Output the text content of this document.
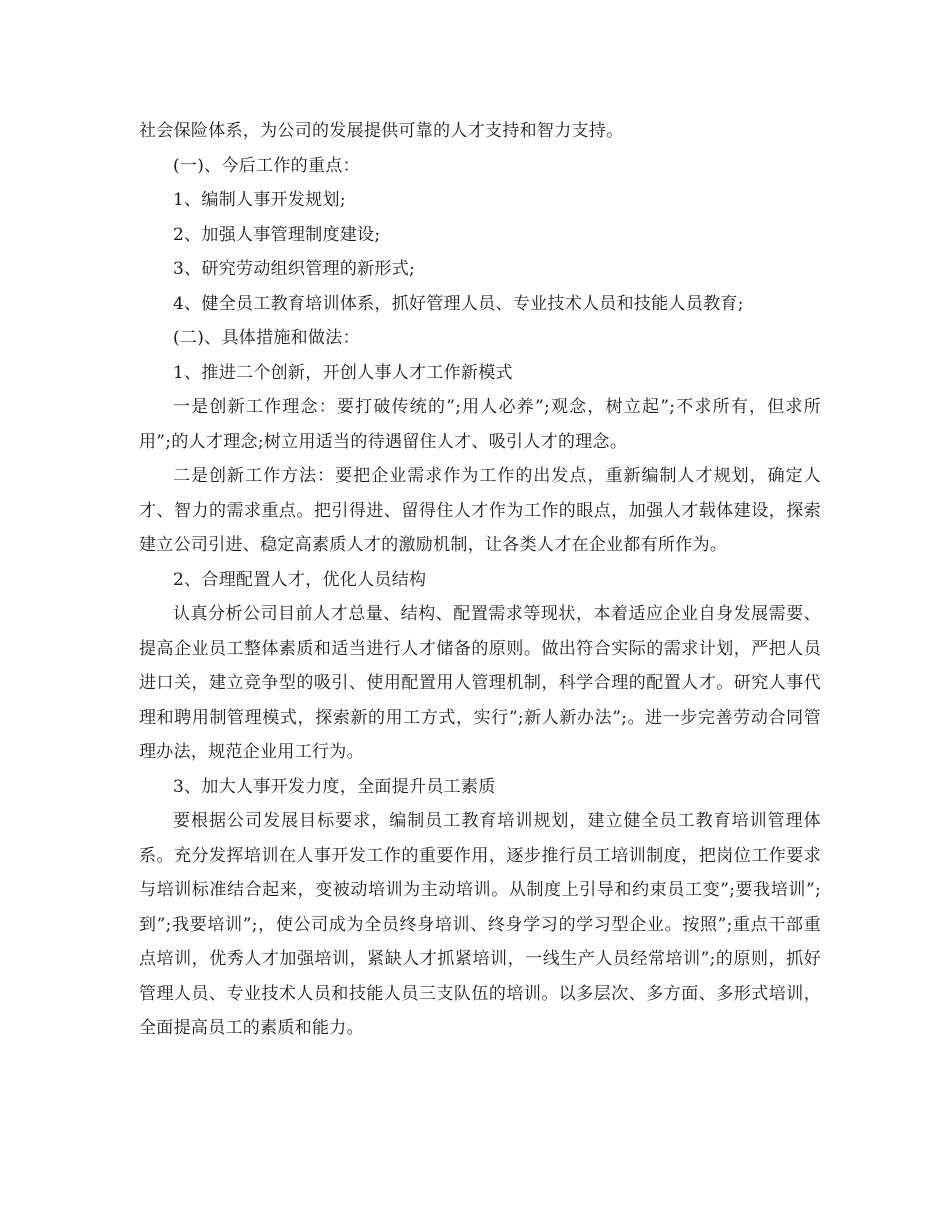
社会保险体系，为公司的发展提供可靠的人才支持和智力支持。

(一)、今后工作的重点：

1、编制人事开发规划;

2、加强人事管理制度建设;

3、研究劳动组织管理的新形式;

4、健全员工教育培训体系，抓好管理人员、专业技术人员和技能人员教育;

(二)、具体措施和做法：

1、推进二个创新，开创人事人才工作新模式

一是创新工作理念：要打破传统的”;用人必养”;观念，树立起”;不求所有，但求所用”;的人才理念;树立用适当的待遇留住人才、吸引人才的理念。

二是创新工作方法：要把企业需求作为工作的出发点，重新编制人才规划，确定人才、智力的需求重点。把引得进、留得住人才作为工作的眼点，加强人才载体建设，探索建立公司引进、稳定高素质人才的激励机制，让各类人才在企业都有所作为。

2、合理配置人才，优化人员结构

认真分析公司目前人才总量、结构、配置需求等现状，本着适应企业自身发展需要、提高企业员工整体素质和适当进行人才储备的原则。做出符合实际的需求计划，严把人员进口关，建立竞争型的吸引、使用配置用人管理机制，科学合理的配置人才。研究人事代理和聘用制管理模式，探索新的用工方式，实行”;新人新办法”;。进一步完善劳动合同管理办法，规范企业用工行为。

3、加大人事开发力度，全面提升员工素质

要根据公司发展目标要求，编制员工教育培训规划，建立健全员工教育培训管理体系。充分发挥培训在人事开发工作的重要作用，逐步推行员工培训制度，把岗位工作要求与培训标准结合起来，变被动培训为主动培训。从制度上引导和约束员工变”;要我培训”;到”;我要培训”;，使公司成为全员终身培训、终身学习的学习型企业。按照”;重点干部重点培训，优秀人才加强培训，紧缺人才抓紧培训，一线生产人员经常培训”;的原则，抓好管理人员、专业技术人员和技能人员三支队伍的培训。以多层次、多方面、多形式培训，全面提高员工的素质和能力。
